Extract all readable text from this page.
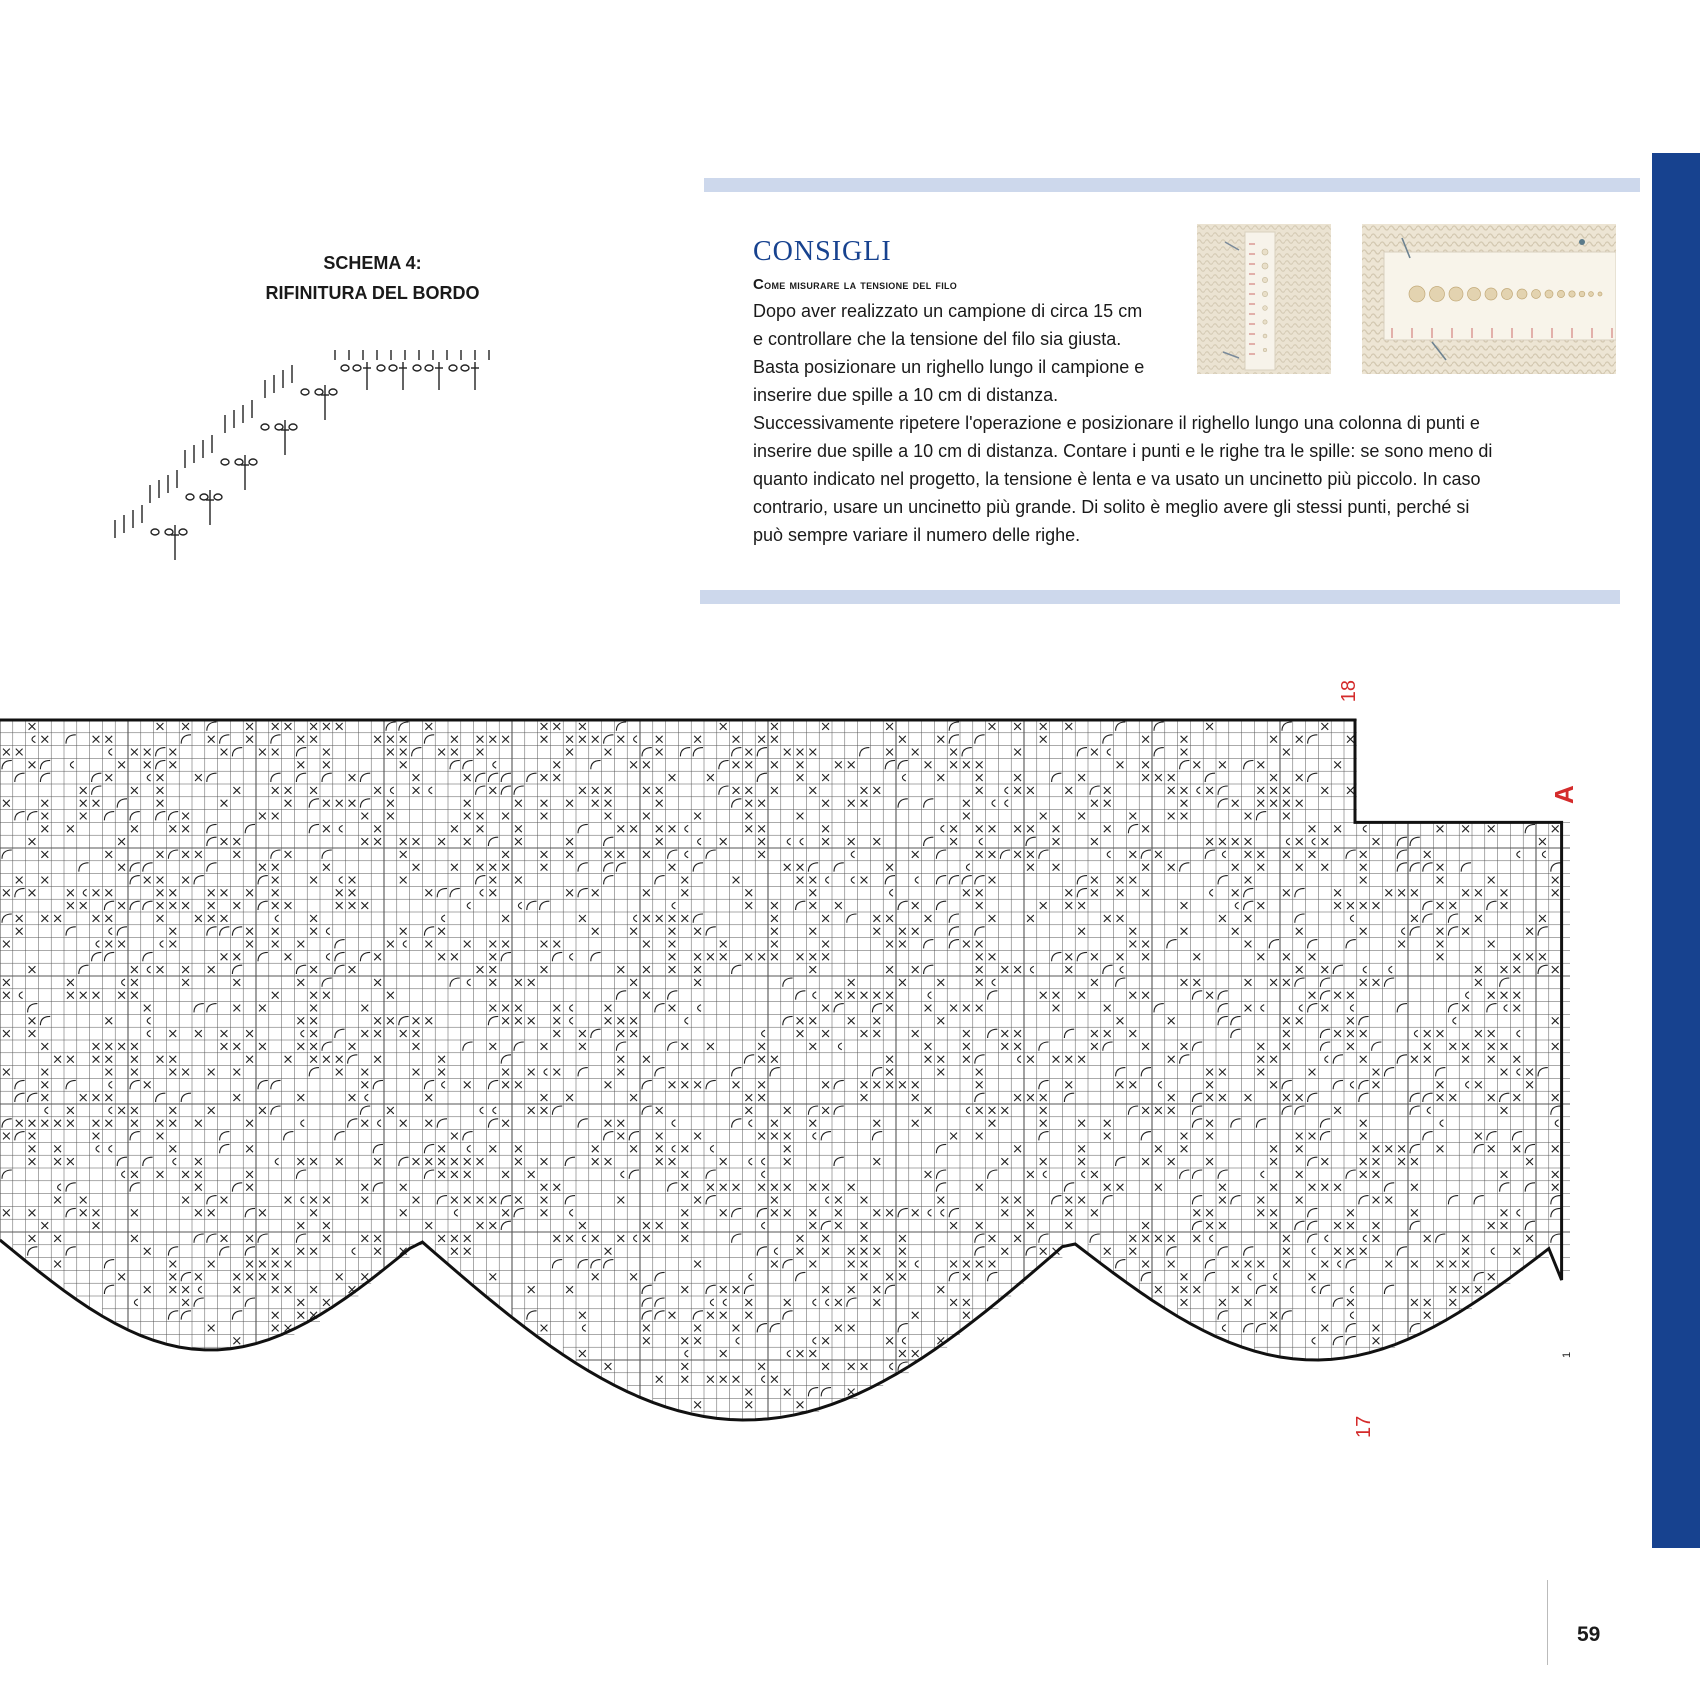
SCHEMA 4:
RIFINITURA DEL BORDO
CONSIGLI
Come misurare la tensione del filo
Dopo aver realizzato un campione di circa 15 cm
e controllare che la tensione del filo sia giusta.
Basta posizionare un righello lungo il campione e
inserire due spille a 10 cm di distanza.
Successivamente ripetere l'operazione e posizionare il righello lungo una colonna di punti e
inserire due spille a 10 cm di distanza. Contare i punti e le righe tra le spille: se sono meno di
quanto indicato nel progetto, la tensione è lenta e va usato un uncinetto più piccolo. In caso
contrario, usare un uncinetto più grande. Di solito è meglio avere gli stessi punti, perché si
può sempre variare il numero delle righe.
18
17
A
1
59
